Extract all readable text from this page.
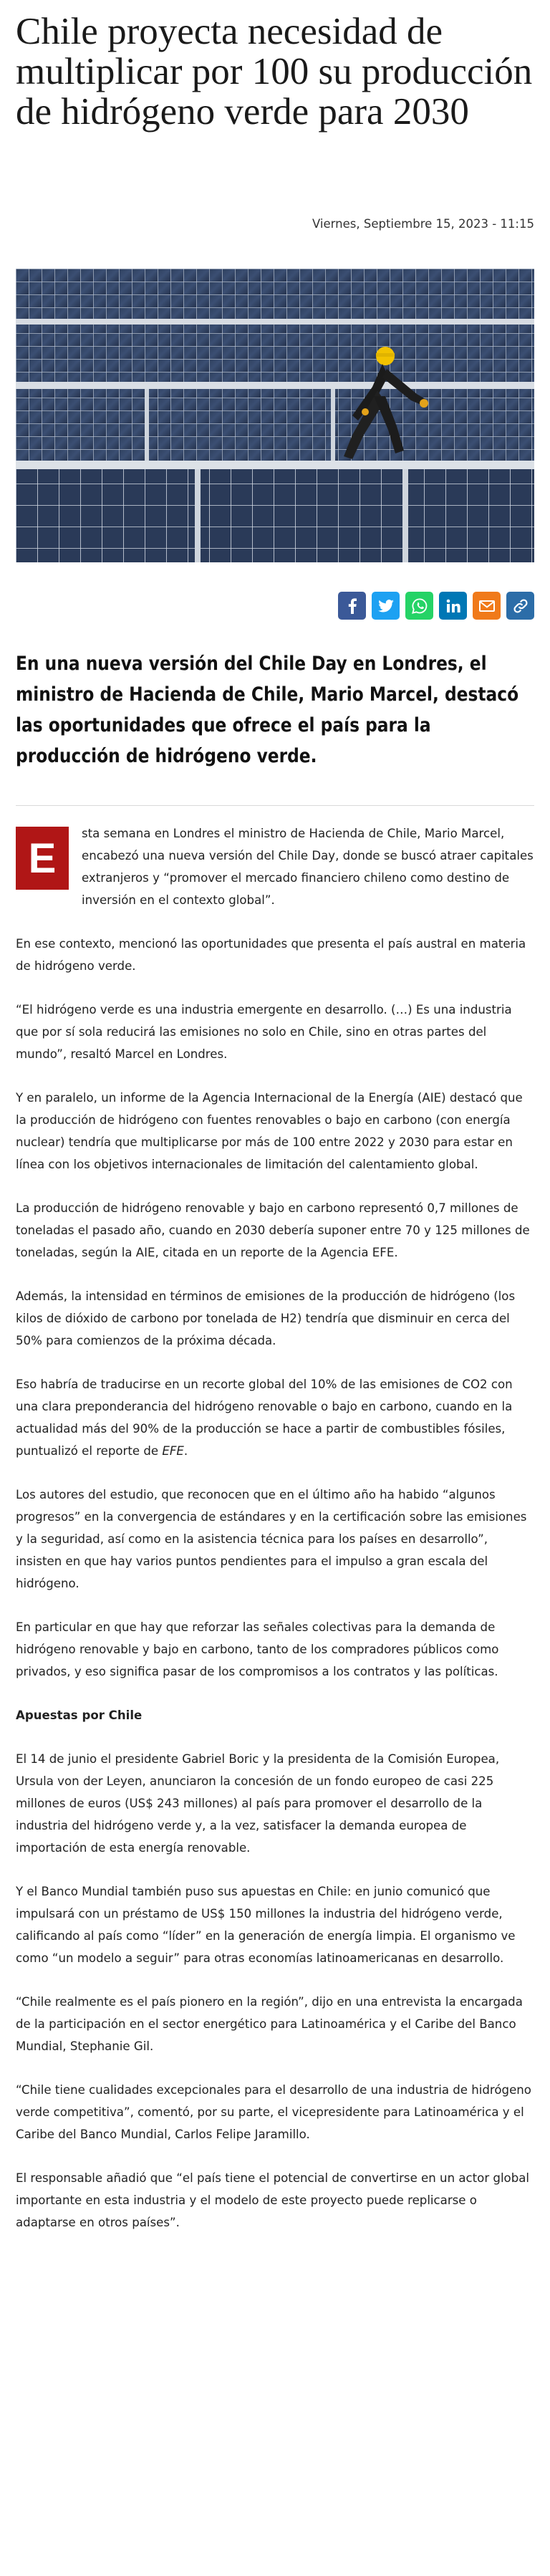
Chile proyecta necesidad de multiplicar por 100 su producción de hidrógeno verde para 2030
Viernes, Septiembre 15, 2023 - 11:15

En una nueva versión del Chile Day en Londres, el ministro de Hacienda de Chile, Mario Marcel, destacó las oportunidades que ofrece el país para la producción de hidrógeno verde.

E
sta semana en Londres el ministro de Hacienda de Chile, Mario Marcel, encabezó una nueva versión del Chile Day, donde se buscó atraer capitales extranjeros y “promover el mercado financiero chileno como destino de inversión en el contexto global”.

En ese contexto, mencionó las oportunidades que presenta el país austral en materia de hidrógeno verde.

“El hidrógeno verde es una industria emergente en desarrollo. (…) Es una industria que por sí sola reducirá las emisiones no solo en Chile, sino en otras partes del mundo”, resaltó Marcel en Londres.

Y en paralelo, un informe de la Agencia Internacional de la Energía (AIE) destacó que la producción de hidrógeno con fuentes renovables o bajo en carbono (con energía nuclear) tendría que multiplicarse por más de 100 entre 2022 y 2030 para estar en línea con los objetivos internacionales de limitación del calentamiento global.

La producción de hidrógeno renovable y bajo en carbono representó 0,7 millones de toneladas el pasado año, cuando en 2030 debería suponer entre 70 y 125 millones de toneladas, según la AIE, citada en un reporte de la Agencia EFE.

Además, la intensidad en términos de emisiones de la producción de hidrógeno (los kilos de dióxido de carbono por tonelada de H2) tendría que disminuir en cerca del 50% para comienzos de la próxima década.

Eso habría de traducirse en un recorte global del 10% de las emisiones de CO2 con una clara preponderancia del hidrógeno renovable o bajo en carbono, cuando en la actualidad más del 90% de la producción se hace a partir de combustibles fósiles, puntualizó el reporte de EFE.

Los autores del estudio, que reconocen que en el último año ha habido “algunos progresos” en la convergencia de estándares y en la certificación sobre las emisiones y la seguridad, así como en la asistencia técnica para los países en desarrollo”, insisten en que hay varios puntos pendientes para el impulso a gran escala del hidrógeno.

En particular en que hay que reforzar las señales colectivas para la demanda de hidrógeno renovable y bajo en carbono, tanto de los compradores públicos como privados, y eso significa pasar de los compromisos a los contratos y las políticas.

Apuestas por Chile

El 14 de junio el presidente Gabriel Boric y la presidenta de la Comisión Europea, Ursula von der Leyen, anunciaron la concesión de un fondo europeo de casi 225 millones de euros (US$ 243 millones) al país para promover el desarrollo de la industria del hidrógeno verde y, a la vez, satisfacer la demanda europea de importación de esta energía renovable.

Y el Banco Mundial también puso sus apuestas en Chile: en junio comunicó que impulsará con un préstamo de US$ 150 millones la industria del hidrógeno verde, calificando al país como “líder” en la generación de energía limpia. El organismo ve como “un modelo a seguir” para otras economías latinoamericanas en desarrollo.

“Chile realmente es el país pionero en la región”, dijo en una entrevista la encargada de la participación en el sector energético para Latinoamérica y el Caribe del Banco Mundial, Stephanie Gil.

“Chile tiene cualidades excepcionales para el desarrollo de una industria de hidrógeno verde competitiva”, comentó, por su parte, el vicepresidente para Latinoamérica y el Caribe del Banco Mundial, Carlos Felipe Jaramillo.

El responsable añadió que “el país tiene el potencial de convertirse en un actor global importante en esta industria y el modelo de este proyecto puede replicarse o adaptarse en otros países”.
